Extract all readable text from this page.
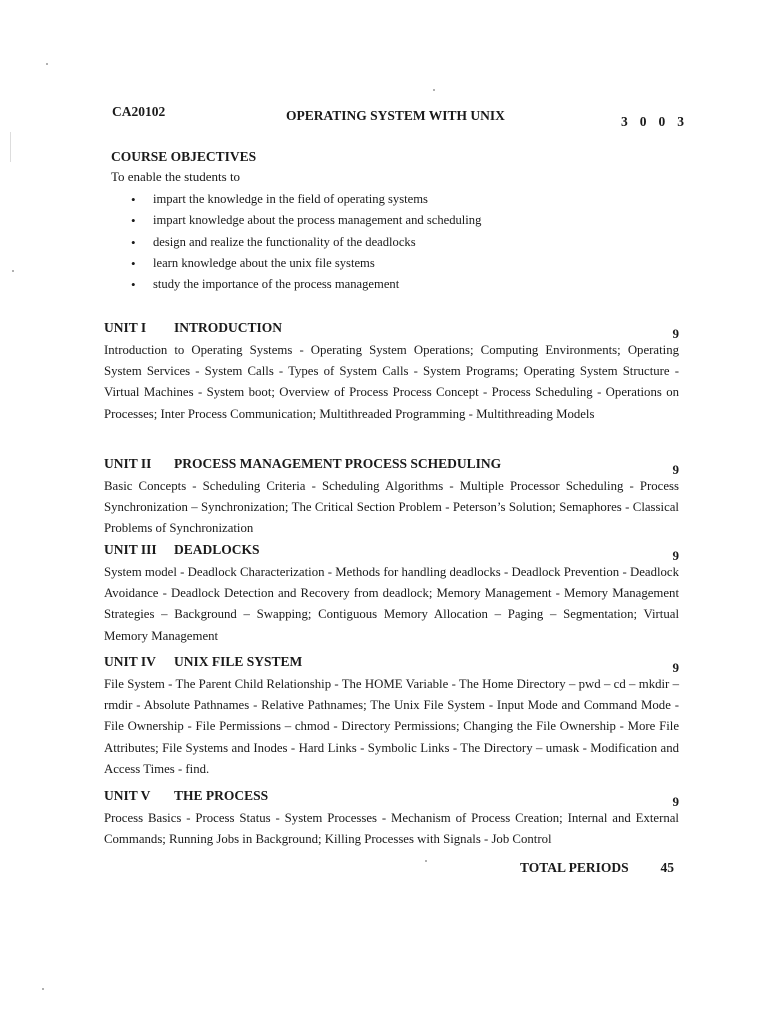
CA20102	OPERATING SYSTEM WITH UNIX	3 0 0 3

COURSE OBJECTIVES

To enable the students to

•	impart the knowledge in the field of operating systems
•	impart knowledge about the process management and scheduling
•	design and realize the functionality of the deadlocks
•	learn knowledge about the unix file systems
•	study the importance of the process management
UNIT I INTRODUCTION	9

Introduction to Operating Systems - Operating System Operations; Computing Environments; Operating System Services - System Calls - Types of System Calls - System Programs; Operating System Structure - Virtual Machines - System boot; Overview of Process Process Concept - Process Scheduling - Operations on Processes; Inter Process Communication; Multithreaded Programming - Multithreading Models

UNIT II PROCESS MANAGEMENT PROCESS SCHEDULING	9

Basic Concepts - Scheduling Criteria - Scheduling Algorithms - Multiple Processor Scheduling - Process Synchronization – Synchronization; The Critical Section Problem - Peterson’s Solution; Semaphores - Classical Problems of Synchronization

UNIT III DEADLOCKS	9

System model - Deadlock Characterization - Methods for handling deadlocks - Deadlock Prevention - Deadlock Avoidance - Deadlock Detection and Recovery from deadlock; Memory Management - Memory Management Strategies – Background – Swapping; Contiguous Memory Allocation – Paging – Segmentation; Virtual Memory Management

UNIT IV UNIX FILE SYSTEM	9

File System - The Parent Child Relationship - The HOME Variable - The Home Directory – pwd – cd – mkdir – rmdir - Absolute Pathnames - Relative Pathnames; The Unix File System - Input Mode and Command Mode - File Ownership - File Permissions – chmod - Directory Permissions; Changing the File Ownership - More File Attributes; File Systems and Inodes - Hard Links - Symbolic Links - The Directory – umask - Modification and Access Times - find.

UNIT V THE PROCESS	9

Process Basics - Process Status - System Processes - Mechanism of Process Creation; Internal and External Commands; Running Jobs in Background; Killing Processes with Signals - Job Control

TOTAL PERIODS 45
